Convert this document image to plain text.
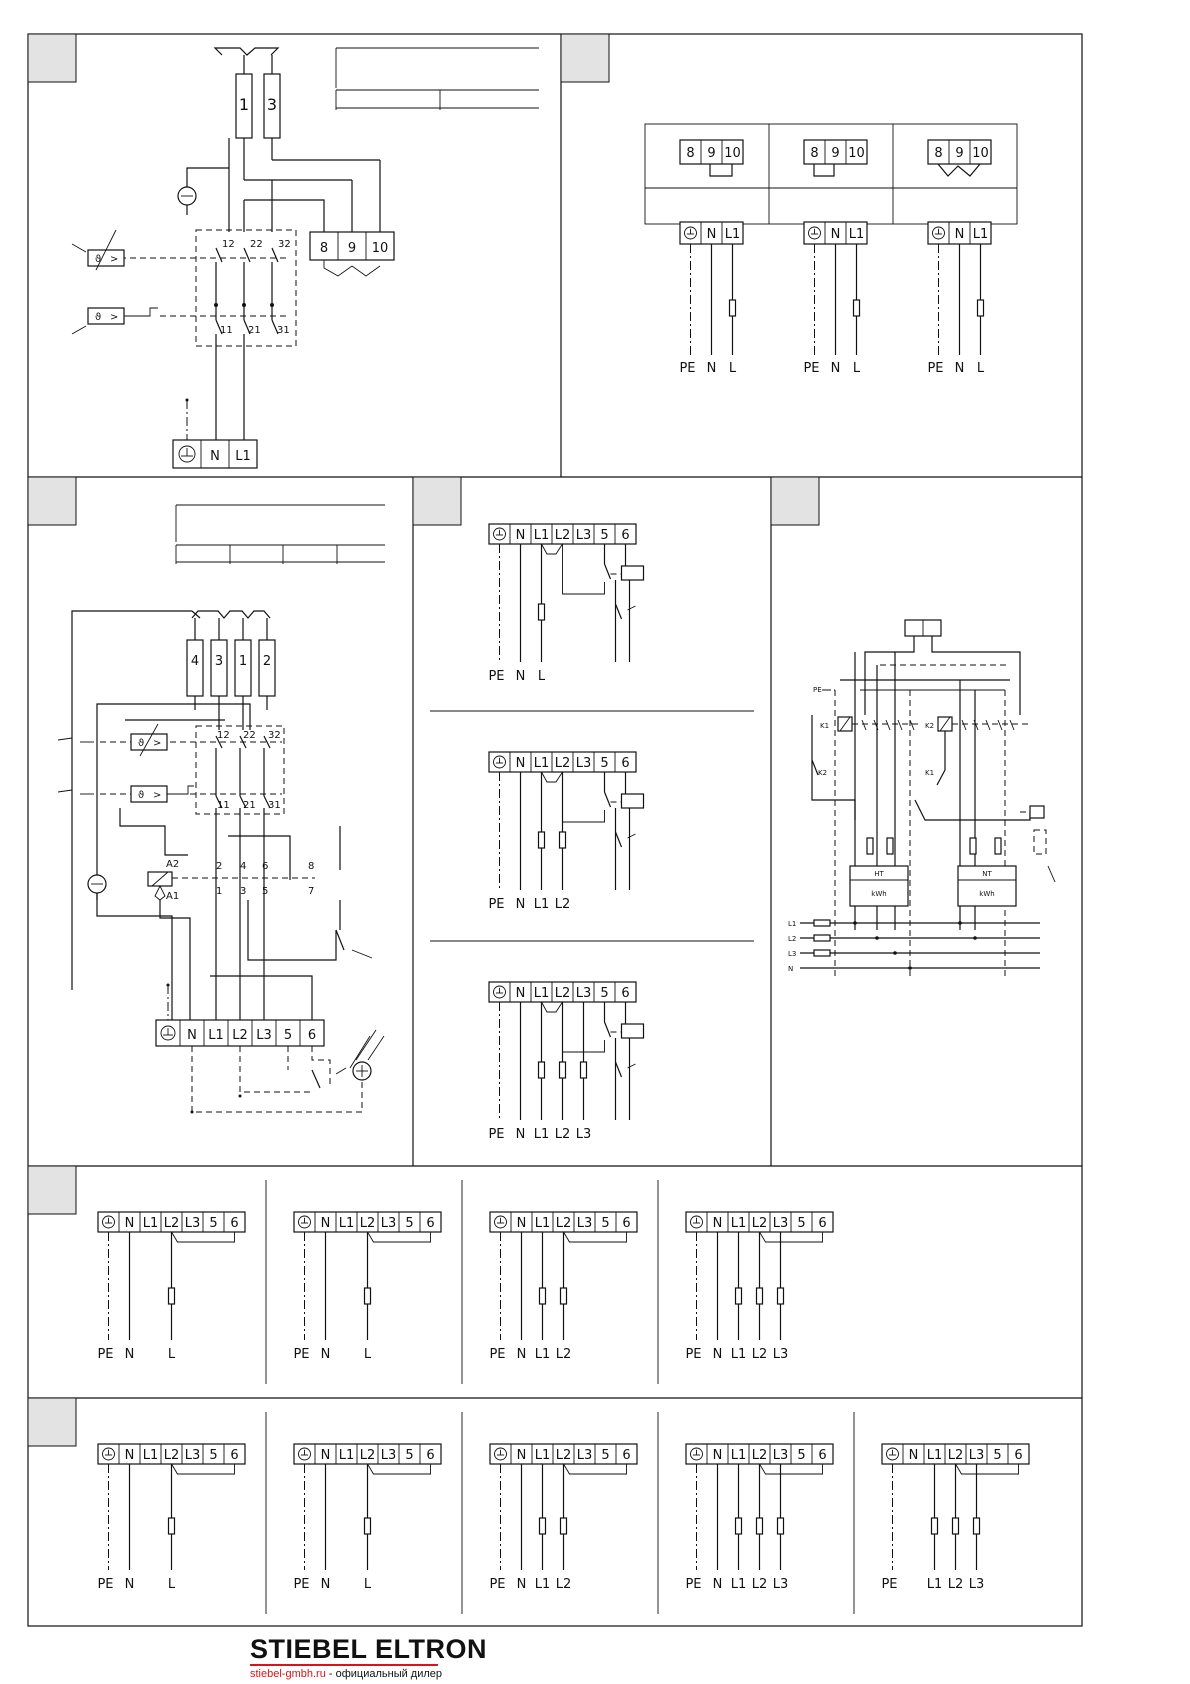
1 3
8 9 10
12 22 32
11 21 31
ϑ >
ϑ >
N L1
8 9 10
N L1
PE N L
8 9 10
N L1
PE N L
8 9 10
N L1
PE N L
4 3 1 2
12 22 32
11 21 31
ϑ >
ϑ >
A2
A1
2 4 6	8
1 3 5	7
N L1 L2 L3 5 6
N L1 L2 L3 5 6
PE N L
N L1 L2 L3 5 6
PE N L1 L2
N L1 L2 L3 5 6
PE N L1 L2 L3
PE
K1	K2
K2	K1
HT
kWh
NT
kWh
L1
L2
L3
N
N L1 L2 L3 5 6
PE N	L
N L1 L2 L3 5 6
PE N	L
N L1 L2 L3 5 6
PE N L1 L2
N L1 L2 L3 5 6
PE N L1 L2 L3
N L1 L2 L3 5 6
PE N	L
N L1 L2 L3 5 6
PE N	L
N L1 L2 L3 5 6
PE N L1 L2
N L1 L2 L3 5 6
PE N L1 L2 L3
N L1 L2 L3 5 6
PE L1 L2 L3
STIEBEL ELTRON
stiebel-gmbh.ru - официальный дилер
